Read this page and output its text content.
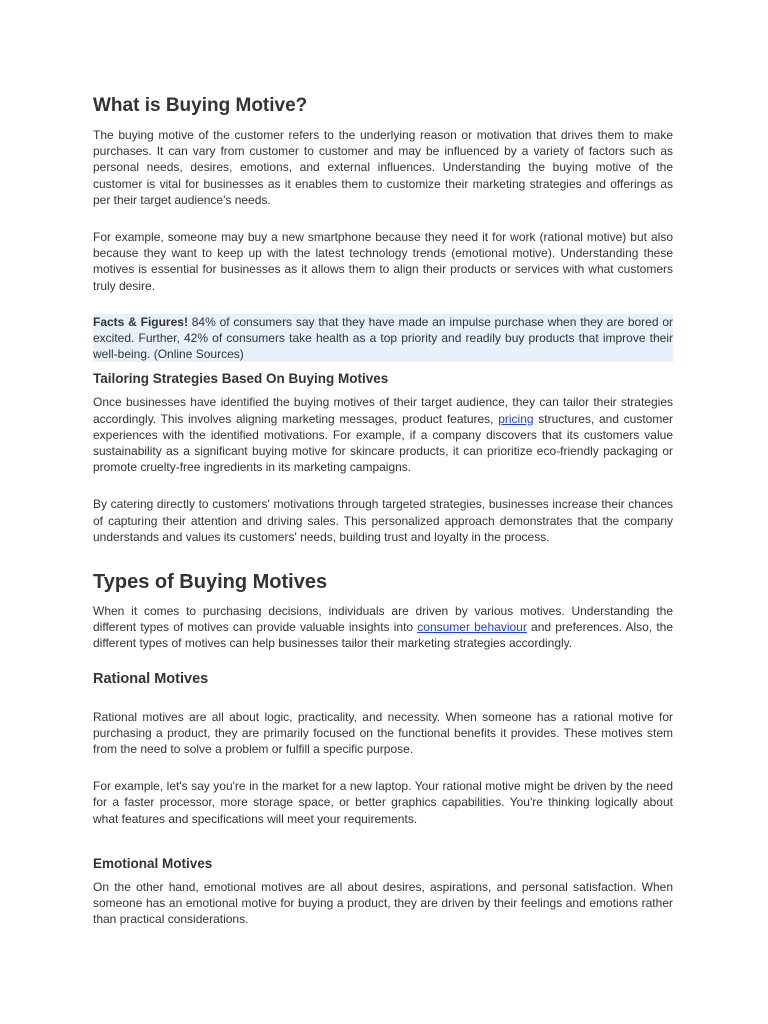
What is Buying Motive?

The buying motive of the customer refers to the underlying reason or motivation that drives them to make purchases. It can vary from customer to customer and may be influenced by a variety of factors such as personal needs, desires, emotions, and external influences. Understanding the buying motive of the customer is vital for businesses as it enables them to customize their marketing strategies and offerings as per their target audience's needs.

For example, someone may buy a new smartphone because they need it for work (rational motive) but also because they want to keep up with the latest technology trends (emotional motive). Understanding these motives is essential for businesses as it allows them to align their products or services with what customers truly desire.

Facts & Figures! 84% of consumers say that they have made an impulse purchase when they are bored or excited. Further, 42% of consumers take health as a top priority and readily buy products that improve their well-being. (Online Sources)

Tailoring Strategies Based On Buying Motives

Once businesses have identified the buying motives of their target audience, they can tailor their strategies accordingly. This involves aligning marketing messages, product features, pricing structures, and customer experiences with the identified motivations. For example, if a company discovers that its customers value sustainability as a significant buying motive for skincare products, it can prioritize eco-friendly packaging or promote cruelty-free ingredients in its marketing campaigns.

By catering directly to customers' motivations through targeted strategies, businesses increase their chances of capturing their attention and driving sales. This personalized approach demonstrates that the company understands and values its customers' needs, building trust and loyalty in the process.

Types of Buying Motives

When it comes to purchasing decisions, individuals are driven by various motives. Understanding the different types of motives can provide valuable insights into consumer behaviour and preferences. Also, the different types of motives can help businesses tailor their marketing strategies accordingly.

Rational Motives

Rational motives are all about logic, practicality, and necessity. When someone has a rational motive for purchasing a product, they are primarily focused on the functional benefits it provides. These motives stem from the need to solve a problem or fulfill a specific purpose.

For example, let's say you're in the market for a new laptop. Your rational motive might be driven by the need for a faster processor, more storage space, or better graphics capabilities. You're thinking logically about what features and specifications will meet your requirements.

Emotional Motives

On the other hand, emotional motives are all about desires, aspirations, and personal satisfaction. When someone has an emotional motive for buying a product, they are driven by their feelings and emotions rather than practical considerations.
